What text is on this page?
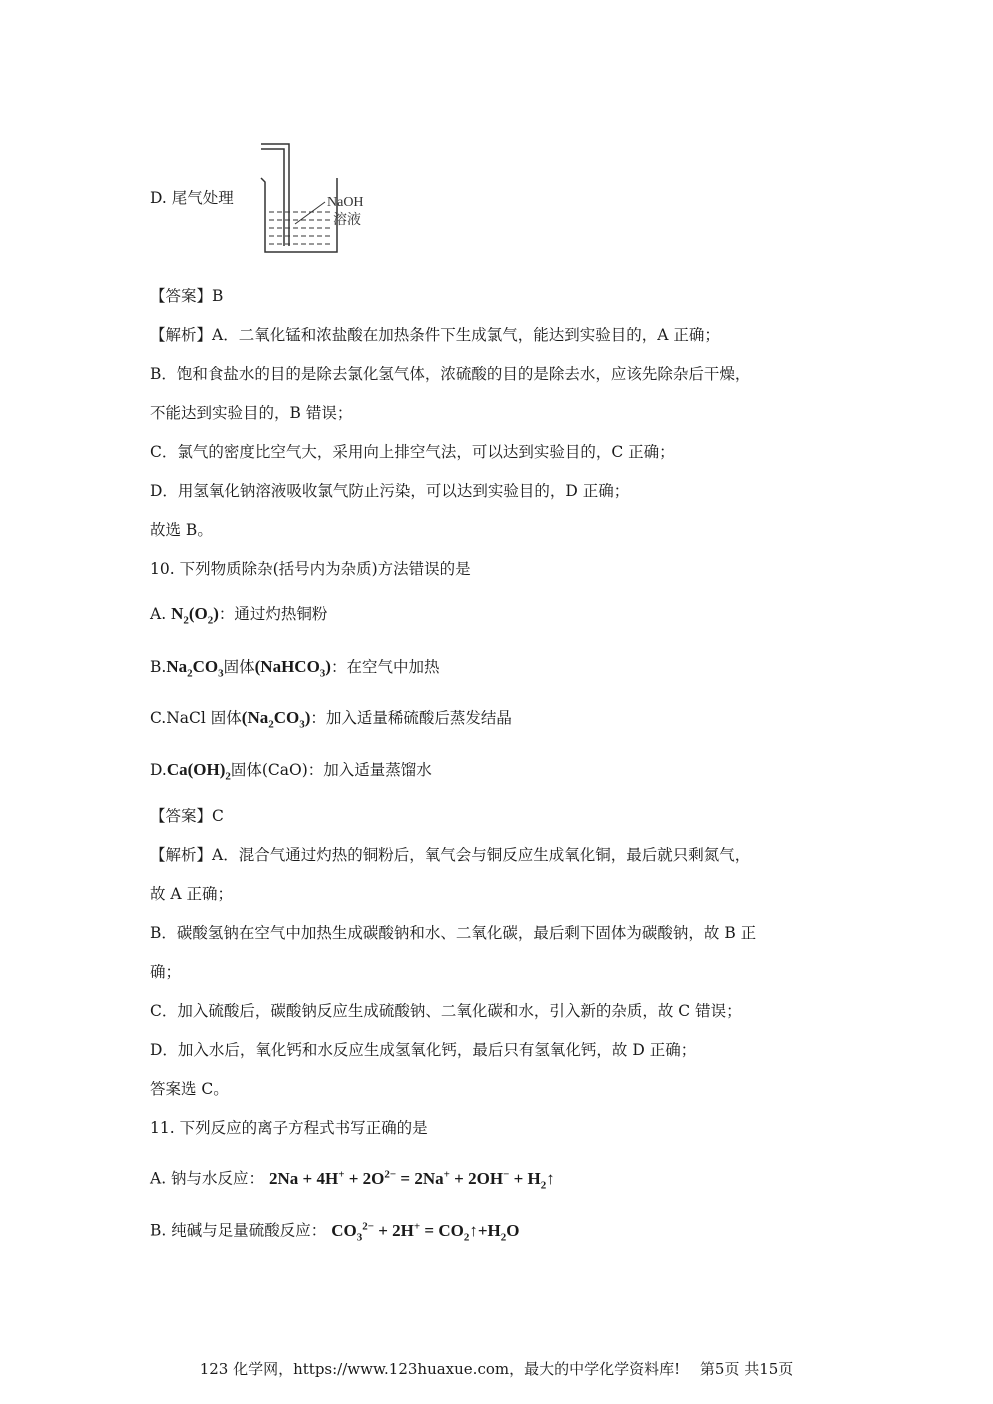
D. 尾气处理	NaOH
溶液
【答案】B
【解析】A．二氧化锰和浓盐酸在加热条件下生成氯气，能达到实验目的，A 正确；
B．饱和食盐水的目的是除去氯化氢气体，浓硫酸的目的是除去水，应该先除杂后干燥，
不能达到实验目的，B 错误；
C．氯气的密度比空气大，采用向上排空气法，可以达到实验目的，C 正确；
D．用氢氧化钠溶液吸收氯气防止污染，可以达到实验目的，D 正确；
故选 B。
10. 下列物质除杂(括号内为杂质)方法错误的是
A. $N_2(O_2)$：通过灼热铜粉
$B.Na_2CO_3$固体(NaHCO$_3$)：在空气中加热
C.NaCl 固体$(Na_2CO_3)$：加入适量稀硫酸后蒸发结晶
$D.Ca(OH)_2$固体(CaO)：加入适量蒸馏水
【答案】C
【解析】A．混合气通过灼热的铜粉后，氧气会与铜反应生成氧化铜，最后就只剩氮气，
故 A 正确；
B．碳酸氢钠在空气中加热生成碳酸钠和水、二氧化碳，最后剩下固体为碳酸钠，故 B 正
确；
C．加入硫酸后，碳酸钠反应生成硫酸钠、二氧化碳和水，引入新的杂质，故 C 错误；
D．加入水后，氧化钙和水反应生成氢氧化钙，最后只有氢氧化钙，故 D 正确；
答案选 C。
11. 下列反应的离子方程式书写正确的是
A. 钠与水反应： $2Na + 4H^+ + 2O^{2-} = 2Na^+ + 2OH^-$ + $H_2↑$
B. 纯碱与足量硫酸反应： $CO_3^{2-} + 2H^+$ = $CO_2↑+H_2O$
123 化学网，https://www.123huaxue.com，最大的中学化学资料库!　 第5页 共15页
